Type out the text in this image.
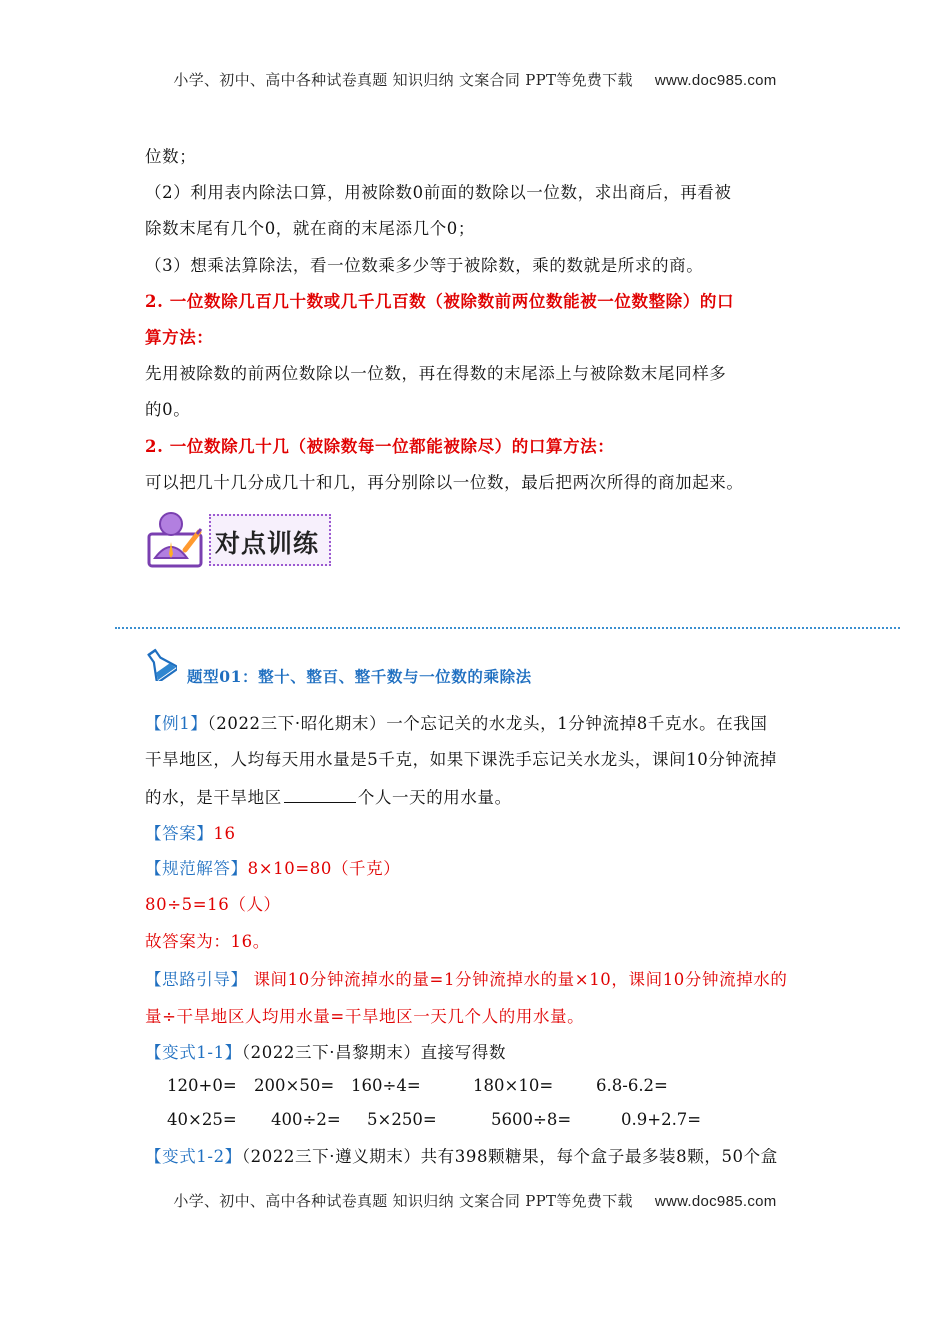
小学、初中、高中各种试卷真题 知识归纳 文案合同 PPT等免费下载 www.doc985.com
位数；
（2）利用表内除法口算，用被除数0前面的数除以一位数，求出商后，再看被
除数末尾有几个0，就在商的末尾添几个0；
（3）想乘法算除法，看一位数乘多少等于被除数，乘的数就是所求的商。
2. 一位数除几百几十数或几千几百数（被除数前两位数能被一位数整除）的口
算方法：
先用被除数的前两位数除以一位数，再在得数的末尾添上与被除数末尾同样多
的0。
2. 一位数除几十几（被除数每一位都能被除尽）的口算方法：
可以把几十几分成几十和几，再分别除以一位数，最后把两次所得的商加起来。
对点训练
题型01：整十、整百、整千数与一位数的乘除法
【例1】（2022三下·昭化期末）一个忘记关的水龙头，1分钟流掉8千克水。在我国
干旱地区，人均每天用水量是5千克，如果下课洗手忘记关水龙头，课间10分钟流掉
的水，是干旱地区	个人一天的用水量。
【答案】16
【规范解答】8×10=80（千克）
80÷5=16（人）
故答案为：16。
【思路引导】 课间10分钟流掉水的量=1分钟流掉水的量×10，课间10分钟流掉水的
量÷干旱地区人均用水量=干旱地区一天几个人的用水量。
【变式1-1】（2022三下·昌黎期末）直接写得数
120+0= 200×50= 160÷4=	180×10=	6.8-6.2=
40×25= 400÷2= 5×250=	5600÷8=	0.9+2.7=
【变式1-2】（2022三下·遵义期末）共有398颗糖果，每个盒子最多装8颗，50个盒
小学、初中、高中各种试卷真题 知识归纳 文案合同 PPT等免费下载 www.doc985.com
